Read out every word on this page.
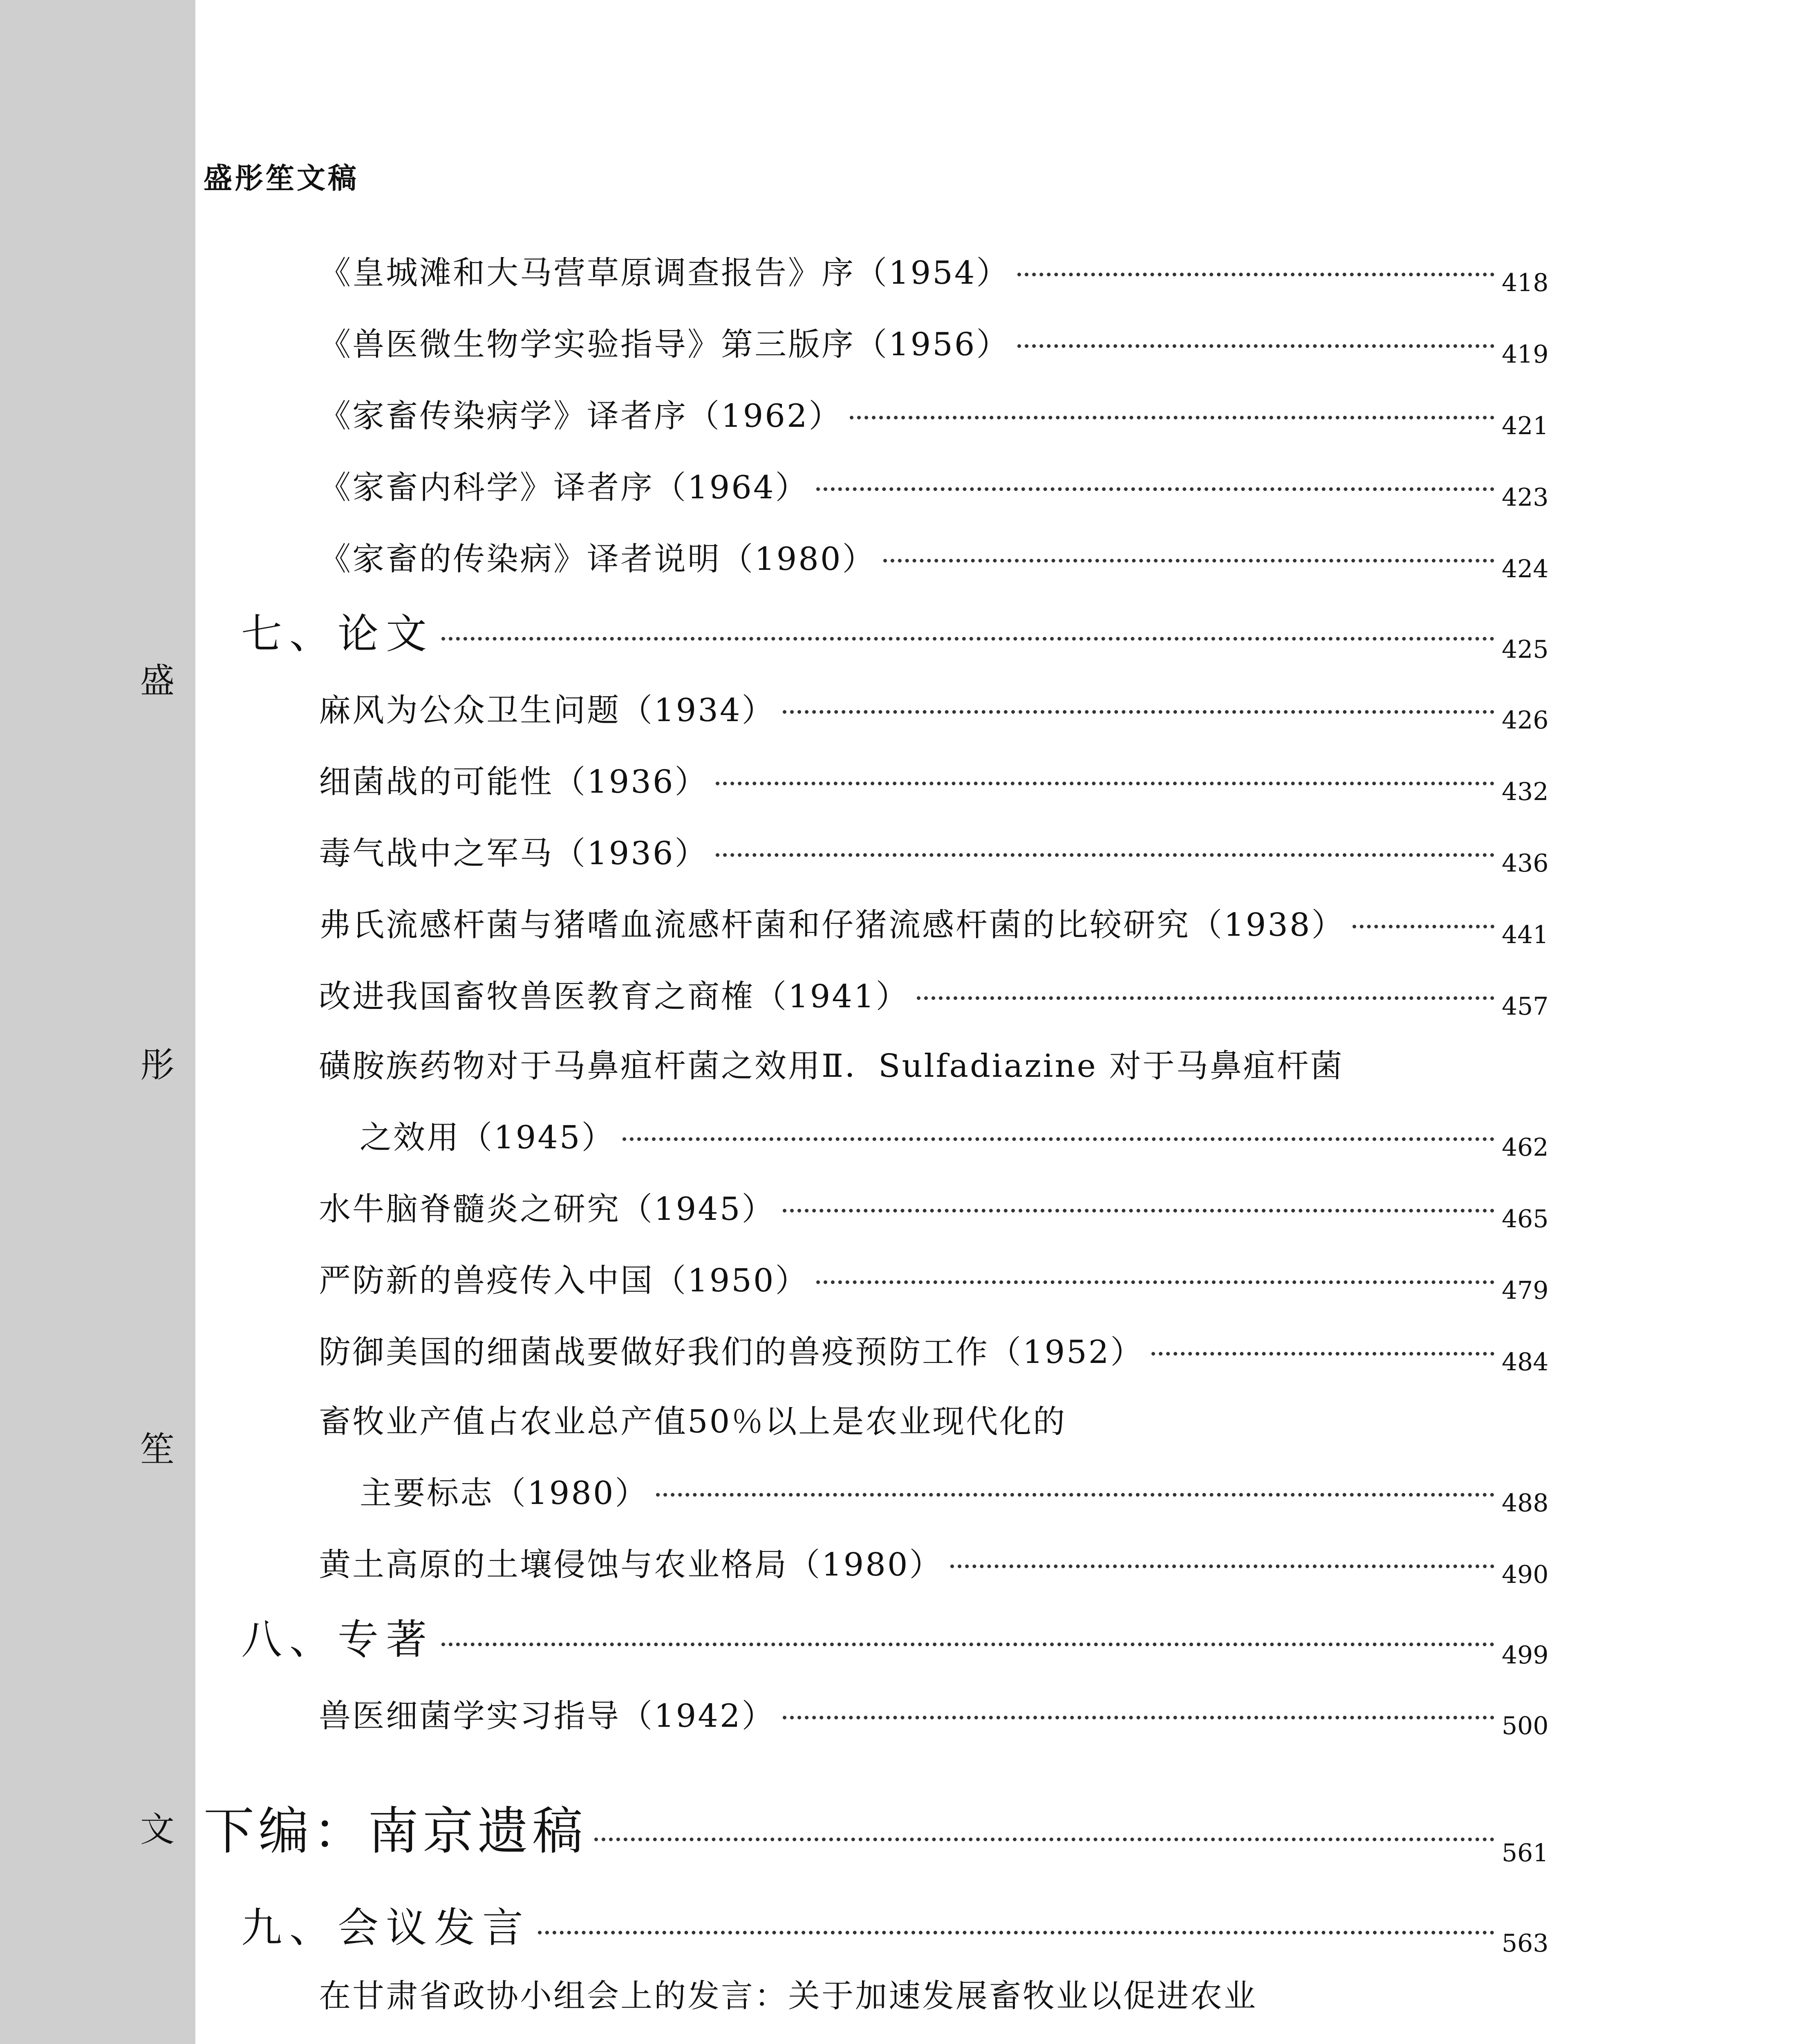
盛
彤
笙
文
盛彤笙文稿
《皇城滩和大马营草原调查报告》序（1954）	418
《兽医微生物学实验指导》第三版序（1956）	419
《家畜传染病学》译者序（1962）	421
《家畜内科学》译者序（1964）	423
《家畜的传染病》译者说明（1980）	424
七、论文	425
麻风为公众卫生问题（1934）	426
细菌战的可能性（1936）	432
毒气战中之军马（1936）	436
弗氏流感杆菌与猪嗜血流感杆菌和仔猪流感杆菌的比较研究（1938）	441
改进我国畜牧兽医教育之商榷（1941）	457
磺胺族药物对于马鼻疽杆菌之效用Ⅱ．Sulfadiazine 对于马鼻疽杆菌
之效用（1945）	462
水牛脑脊髓炎之研究（1945）	465
严防新的兽疫传入中国（1950）	479
防御美国的细菌战要做好我们的兽疫预防工作（1952）	484
畜牧业产值占农业总产值50％以上是农业现代化的
主要标志（1980）	488
黄土高原的土壤侵蚀与农业格局（1980）	490
八、专著	499
兽医细菌学实习指导（1942）	500
下编：南京遗稿	561
九、会议发言	563
在甘肃省政协小组会上的发言：关于加速发展畜牧业以促进农业
